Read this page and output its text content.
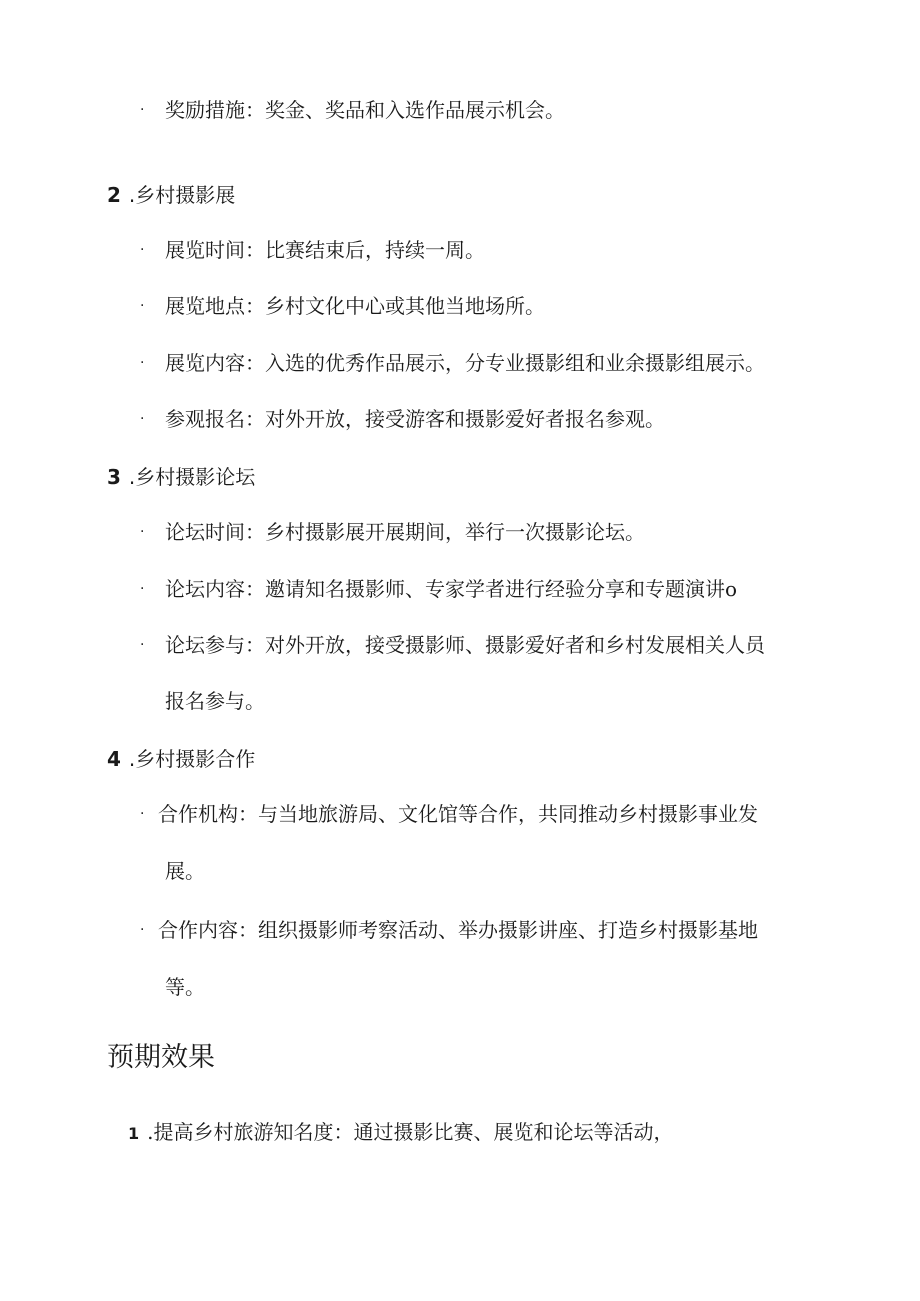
· 奖励措施：奖金、奖品和入选作品展示机会。
2 .乡村摄影展
· 展览时间：比赛结束后，持续一周。
· 展览地点：乡村文化中心或其他当地场所。
· 展览内容：入选的优秀作品展示，分专业摄影组和业余摄影组展示。
· 参观报名：对外开放，接受游客和摄影爱好者报名参观。
3 .乡村摄影论坛
· 论坛时间：乡村摄影展开展期间，举行一次摄影论坛。
· 论坛内容：邀请知名摄影师、专家学者进行经验分享和专题演讲o
· 论坛参与：对外开放，接受摄影师、摄影爱好者和乡村发展相关人员
报名参与。
4 .乡村摄影合作
· 合作机构：与当地旅游局、文化馆等合作，共同推动乡村摄影事业发
展。
· 合作内容：组织摄影师考察活动、举办摄影讲座、打造乡村摄影基地
等。
预期效果
1 .提高乡村旅游知名度：通过摄影比赛、展览和论坛等活动，
